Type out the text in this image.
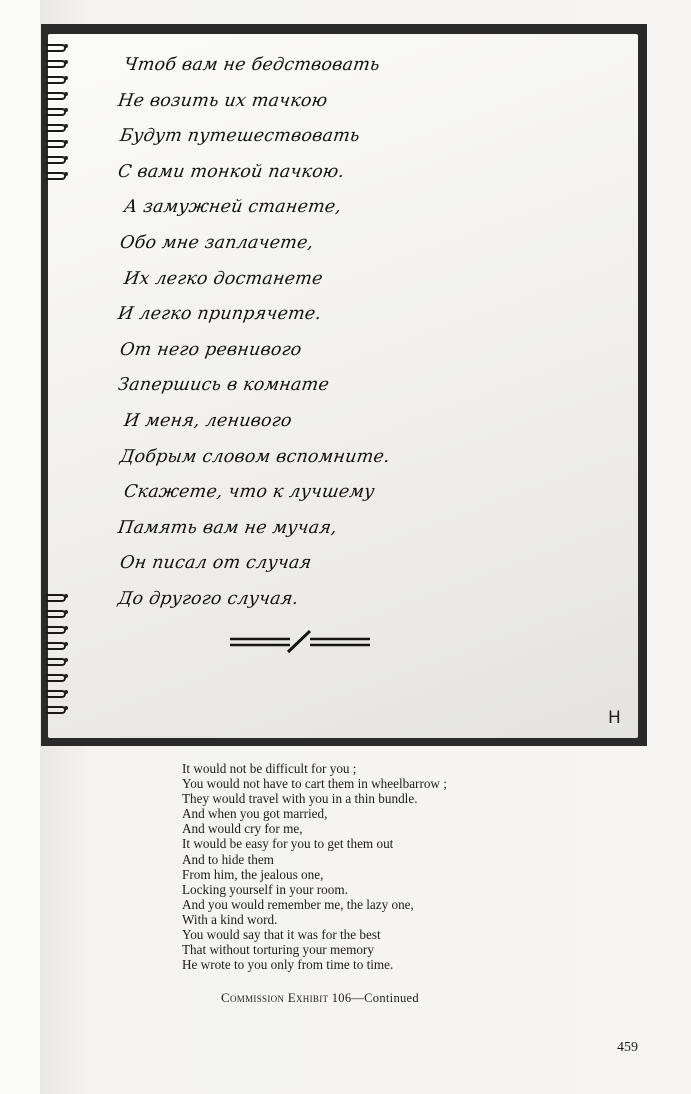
Чтоб вам не бедствовать
Не возить их тачкою
Будут путешествовать
С вами тонкой пачкою.
А замужней станете,
Обо мне заплачете,
Их легко достанете
И легко припрячете.
От него ревнивого
Запершись в комнате
И меня, ленивого
Добрым словом вспомните.
Скажете, что к лучшему
Память вам не мучая,
Он писал от случая
До другого случая.
H
It would not be difficult for you ;
You would not have to cart them in wheelbarrow ;
They would travel with you in a thin bundle.
And when you got married,
And would cry for me,
It would be easy for you to get them out
And to hide them
From him, the jealous one,
Locking yourself in your room.
And you would remember me, the lazy one,
With a kind word.
You would say that it was for the best
That without torturing your memory
He wrote to you only from time to time.
Commission Exhibit 106—Continued
459
